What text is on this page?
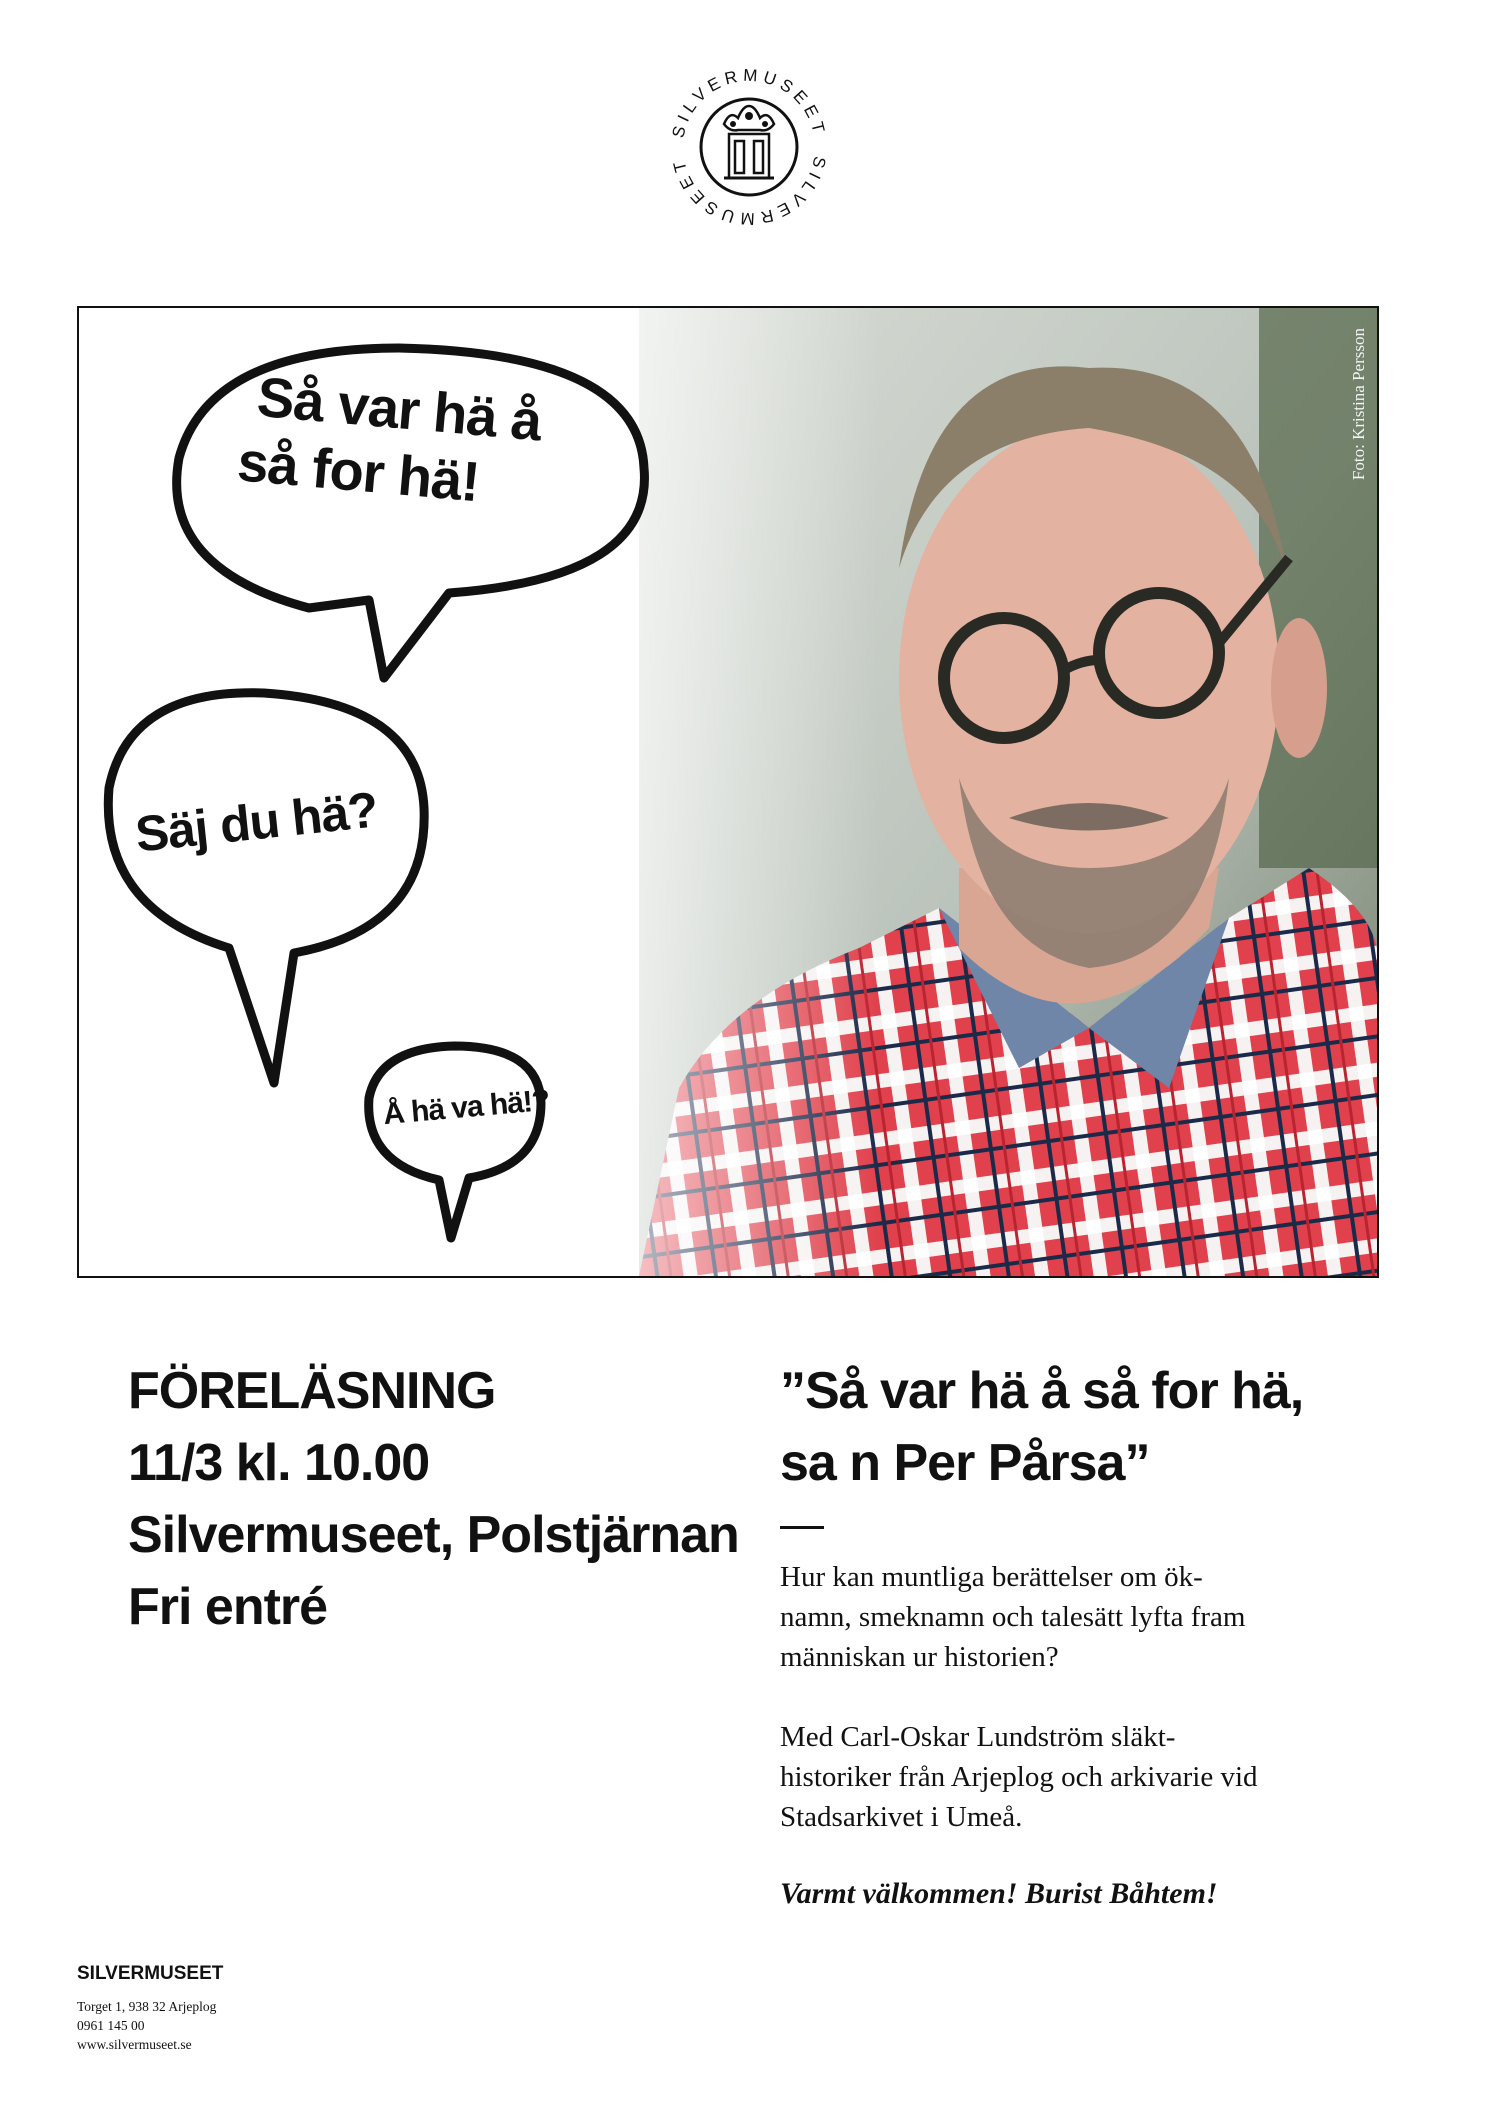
SILVERMUSEET
SILVERMUSEET
Foto: Kristina Persson
Så var hä å
så for hä!
Säj du hä?
Å hä va hä!?
FÖRELÄSNING
11/3 kl. 10.00
Silvermuseet, Polstjärnan
Fri entré
”Så var hä å så for hä,
sa n Per Pårsa”

Hur kan muntliga berättelser om ök-
namn, smeknamn och talesätt lyfta fram
människan ur historien?

Med Carl-Oskar Lundström släkt-
historiker från Arjeplog och arkivarie vid
Stadsarkivet i Umeå.

Varmt välkommen! Burist Båhtem!
SILVERMUSEET
Torget 1, 938 32 Arjeplog
0961 145 00
www.silvermuseet.se
